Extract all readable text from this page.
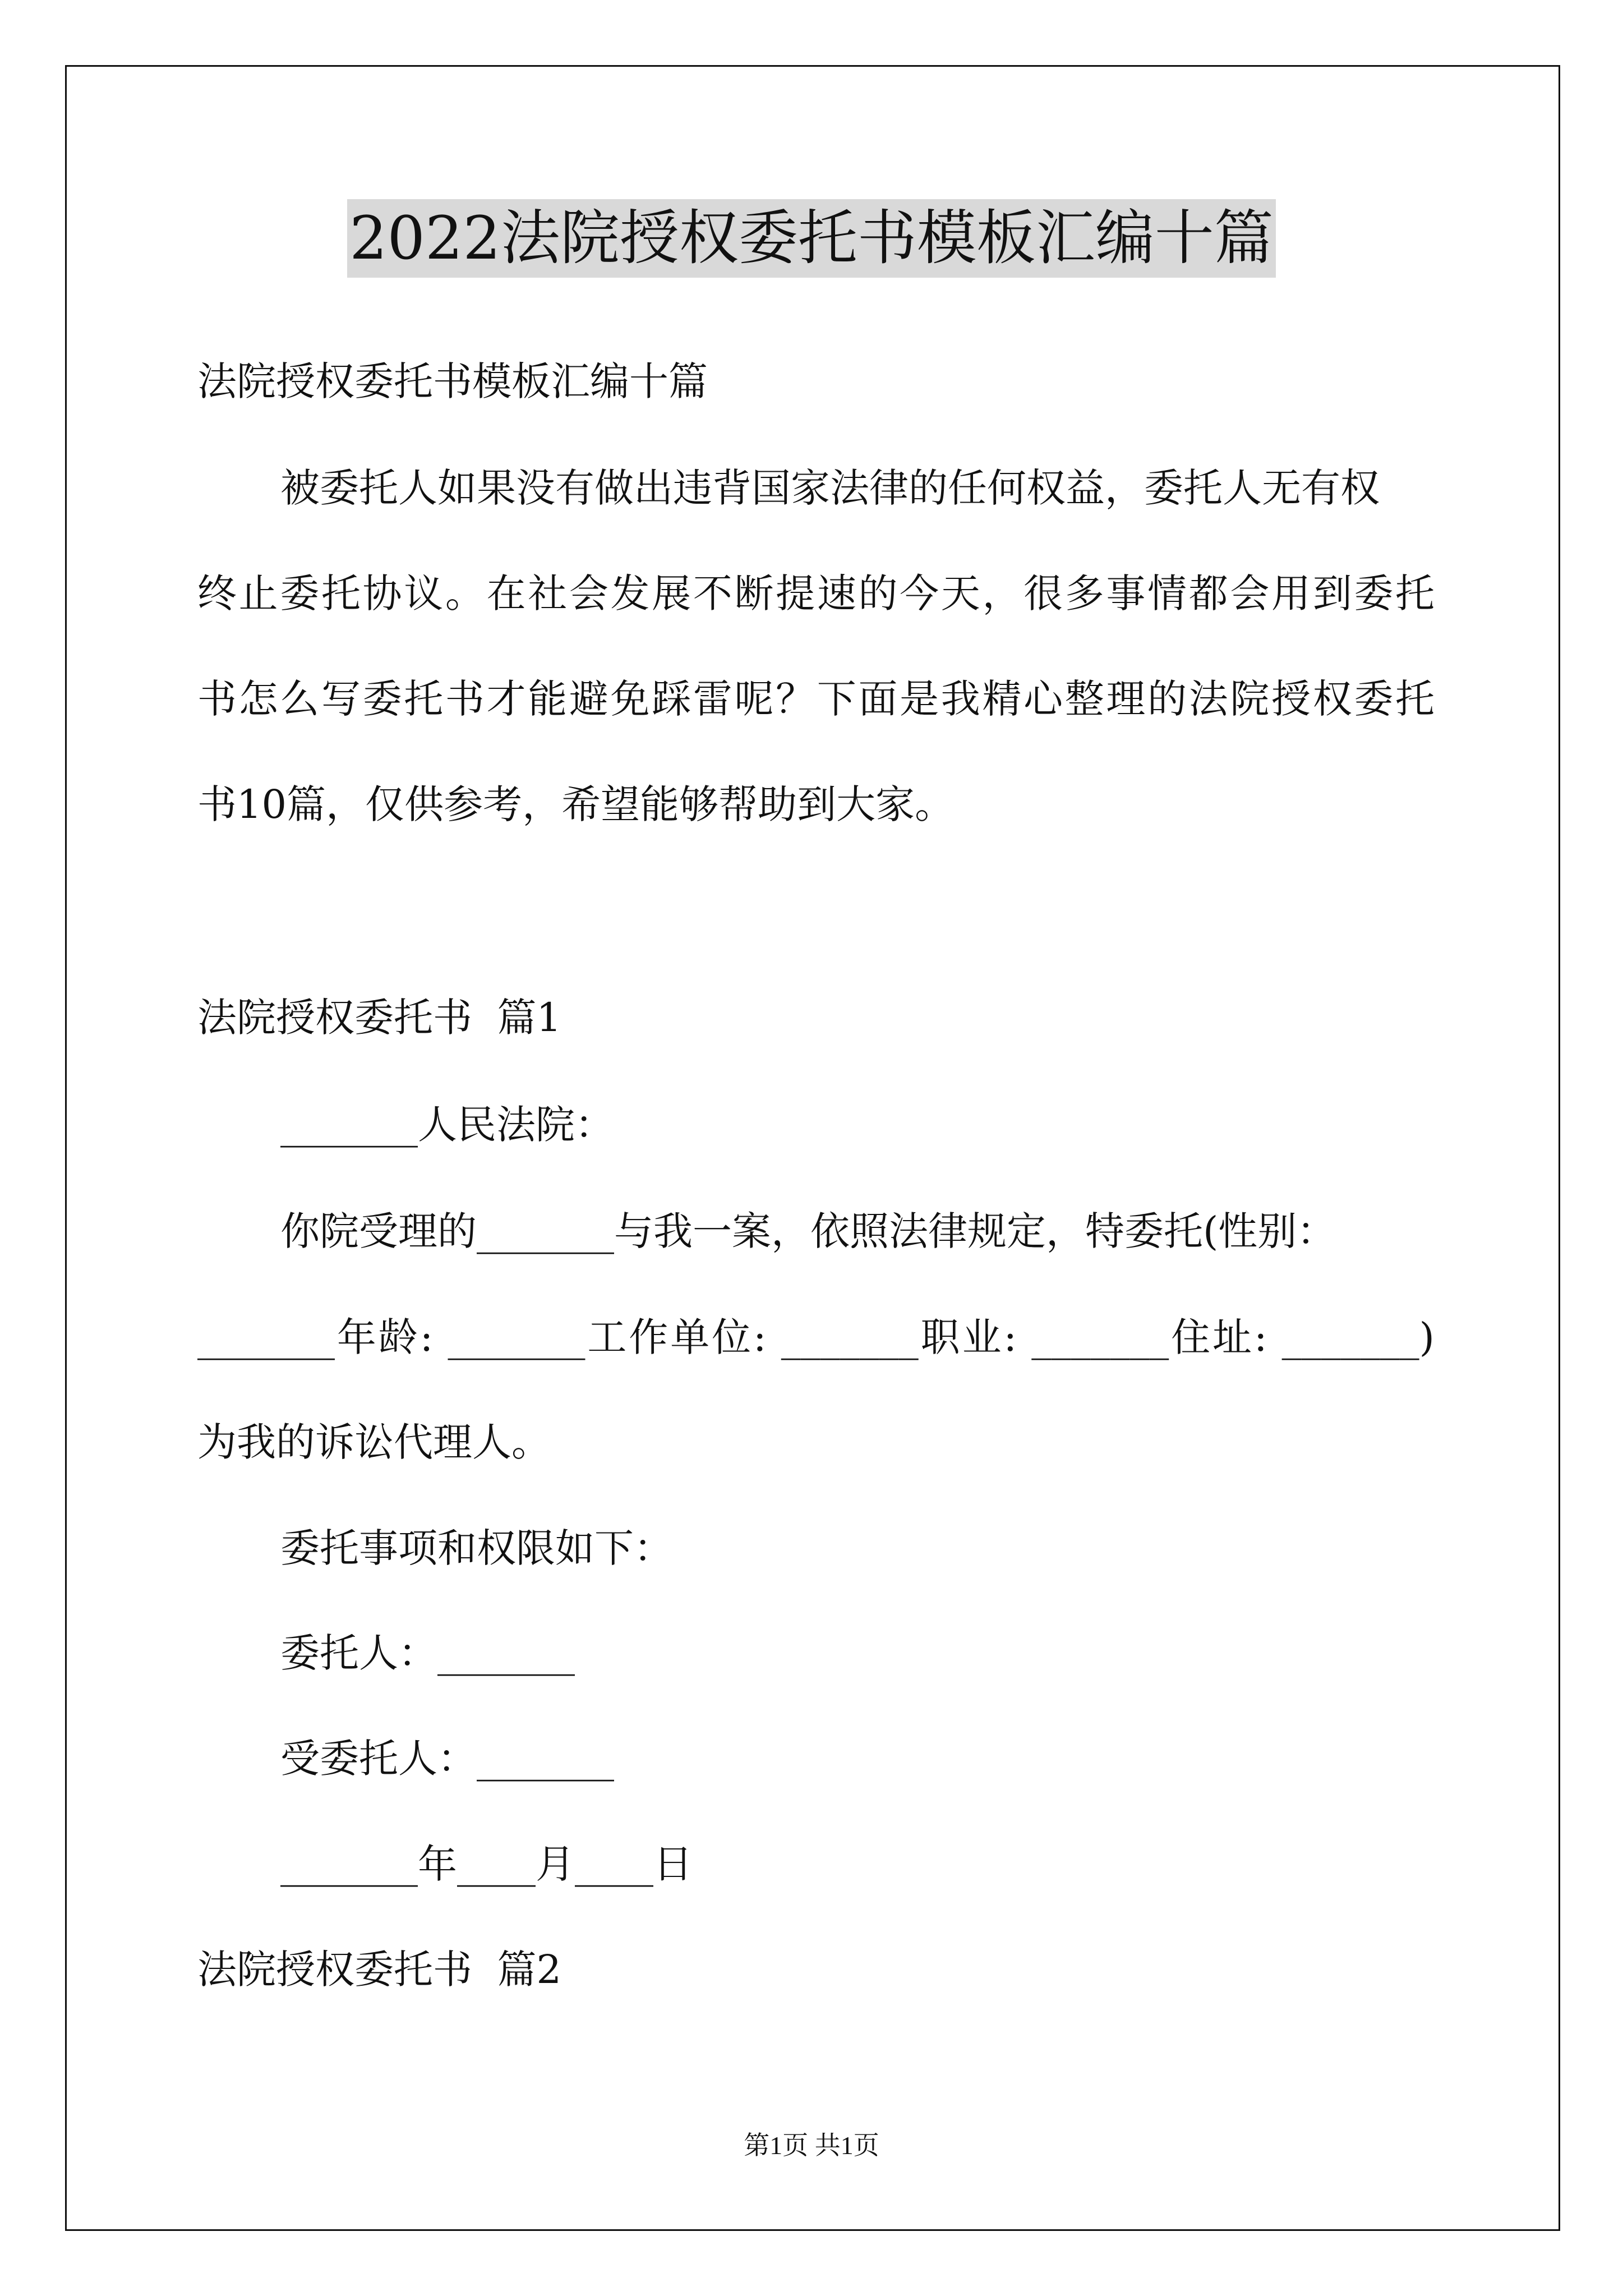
2022法院授权委托书模板汇编十篇
法院授权委托书模板汇编十篇
被委托人如果没有做出违背国家法律的任何权益，委托人无有权
终止委托协议。在社会发展不断提速的今天，很多事情都会用到委托
书怎么写委托书才能避免踩雷呢？下面是我精心整理的法院授权委托
书10篇，仅供参考，希望能够帮助到大家。
法院授权委托书  篇1
_______人民法院：
你院受理的_______与我一案，依照法律规定，特委托(性别：
_______年龄: _______工作单位: _______职业: _______住址: _______)
为我的诉讼代理人。
委托事项和权限如下：
委托人：_______
受委托人：_______
_______年____月____日
法院授权委托书  篇2
第1页 共1页
